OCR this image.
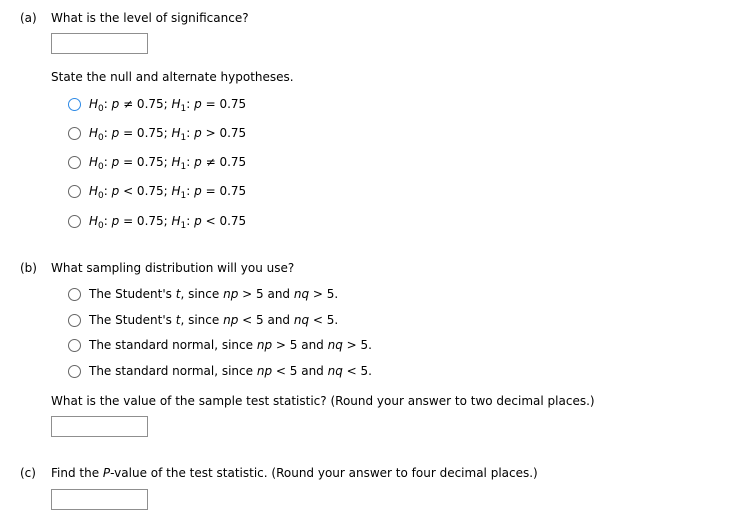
(a) What is the level of significance?
State the null and alternate hypotheses.
$H_0$: p ≠ 0.75; $H_1$: p = 0.75
$H_0$: p = 0.75; $H_1$: p > 0.75
$H_0$: p = 0.75; $H_1$: p ≠ 0.75
$H_0$: p < 0.75; $H_1$: p = 0.75
$H_0$: p = 0.75; $H_1$: p < 0.75
(b) What sampling distribution will you use?
The Student's t, since np > 5 and nq > 5.
The Student's t, since np < 5 and nq < 5.
The standard normal, since np > 5 and nq > 5.
The standard normal, since np < 5 and nq < 5.
What is the value of the sample test statistic? (Round your answer to two decimal places.)
(c) Find the P-value of the test statistic. (Round your answer to four decimal places.)
